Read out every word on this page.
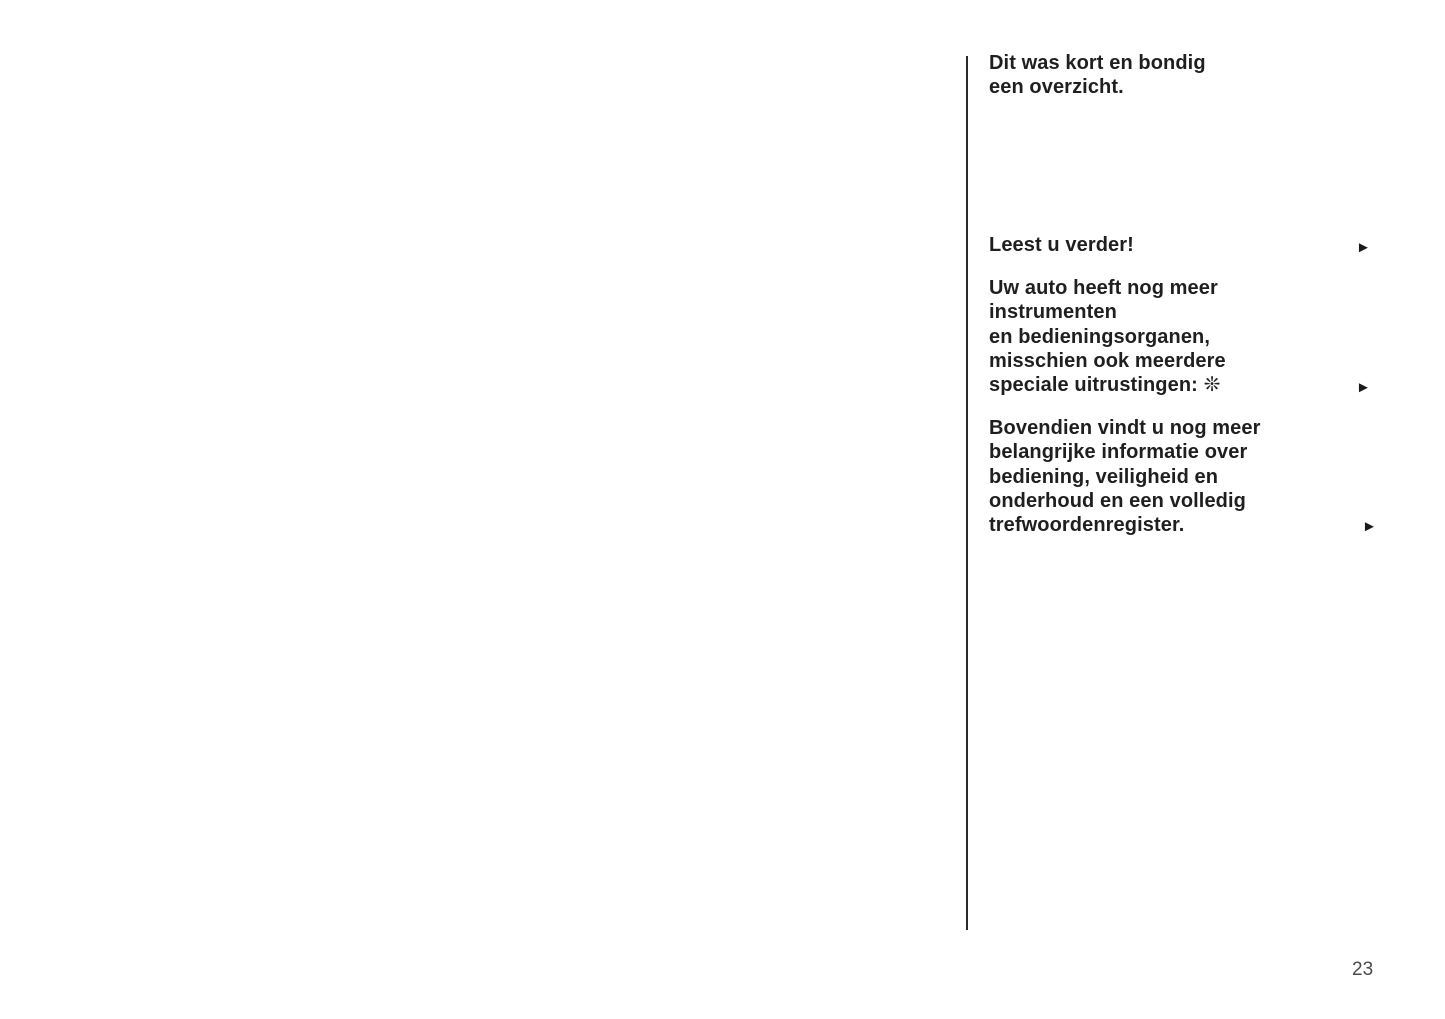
Dit was kort en bondig
een overzicht.
Leest u verder!	►
Uw auto heeft nog meer
instrumenten
en bedieningsorganen,
misschien ook meerdere
speciale uitrustingen: ❊	►
Bovendien vindt u nog meer
belangrijke informatie over
bediening, veiligheid en
onderhoud en een volledig
trefwoordenregister.	►
23
